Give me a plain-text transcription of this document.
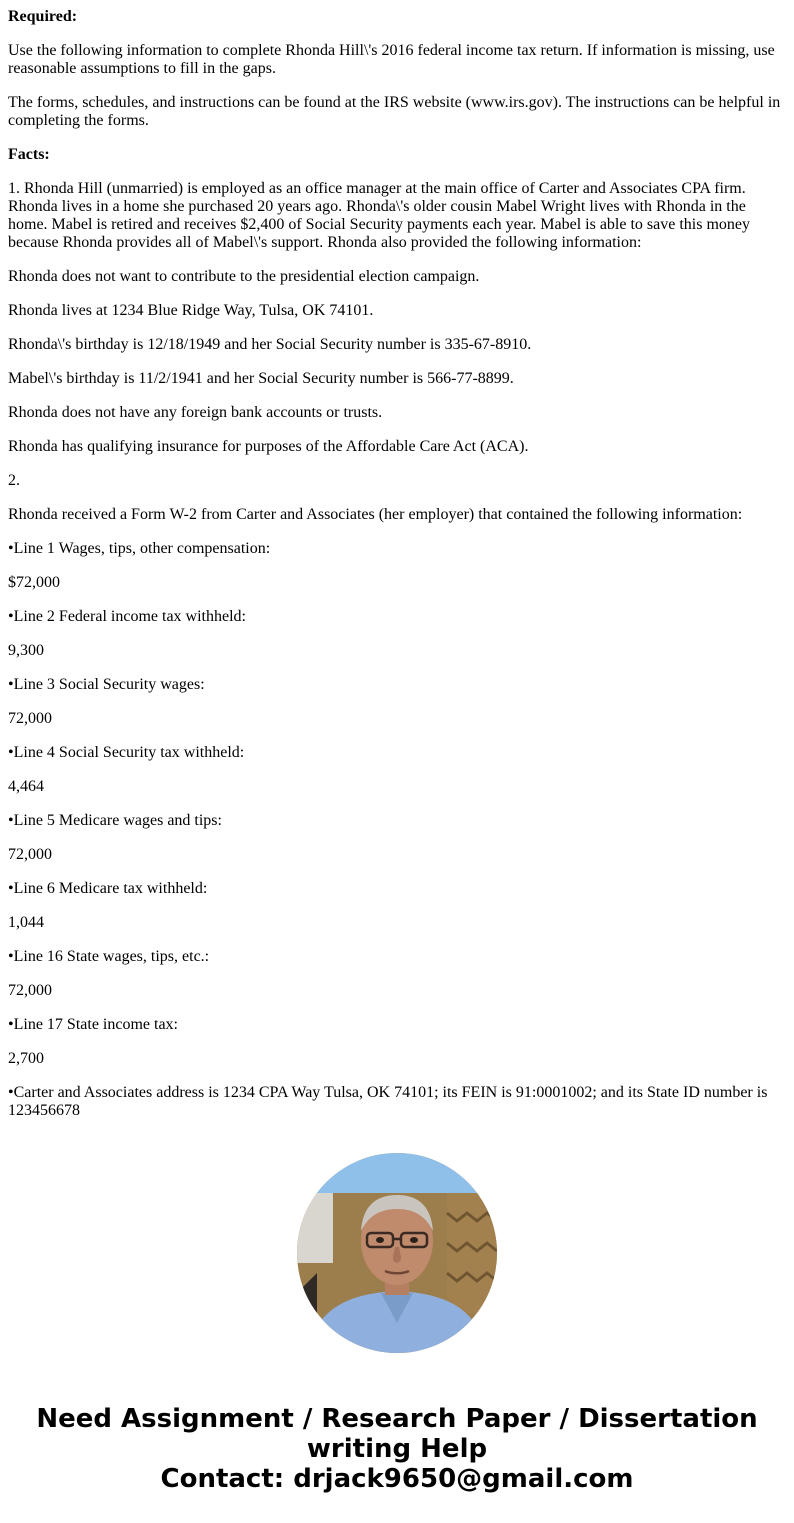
Required:

Use the following information to complete Rhonda Hill\'s 2016 federal income tax return. If information is missing, use reasonable assumptions to fill in the gaps.

The forms, schedules, and instructions can be found at the IRS website (www.irs.gov). The instructions can be helpful in completing the forms.

Facts:

1. Rhonda Hill (unmarried) is employed as an office manager at the main office of Carter and Associates CPA firm. Rhonda lives in a home she purchased 20 years ago. Rhonda\'s older cousin Mabel Wright lives with Rhonda in the home. Mabel is retired and receives $2,400 of Social Security payments each year. Mabel is able to save this money because Rhonda provides all of Mabel\'s support. Rhonda also provided the following information:

Rhonda does not want to contribute to the presidential election campaign.

Rhonda lives at 1234 Blue Ridge Way, Tulsa, OK 74101.

Rhonda\'s birthday is 12/18/1949 and her Social Security number is 335-67-8910.

Mabel\'s birthday is 11/2/1941 and her Social Security number is 566-77-8899.

Rhonda does not have any foreign bank accounts or trusts.

Rhonda has qualifying insurance for purposes of the Affordable Care Act (ACA).

2.

Rhonda received a Form W-2 from Carter and Associates (her employer) that contained the following information:

•Line 1 Wages, tips, other compensation:

$72,000

•Line 2 Federal income tax withheld:

9,300

•Line 3 Social Security wages:

72,000

•Line 4 Social Security tax withheld:

4,464

•Line 5 Medicare wages and tips:

72,000

•Line 6 Medicare tax withheld:

1,044

•Line 16 State wages, tips, etc.:

72,000

•Line 17 State income tax:

2,700

•Carter and Associates address is 1234 CPA Way Tulsa, OK 74101; its FEIN is 91:0001002; and its State ID number is 123456678

Need Assignment / Research Paper / Dissertation
writing Help
Contact: drjack9650@gmail.com
